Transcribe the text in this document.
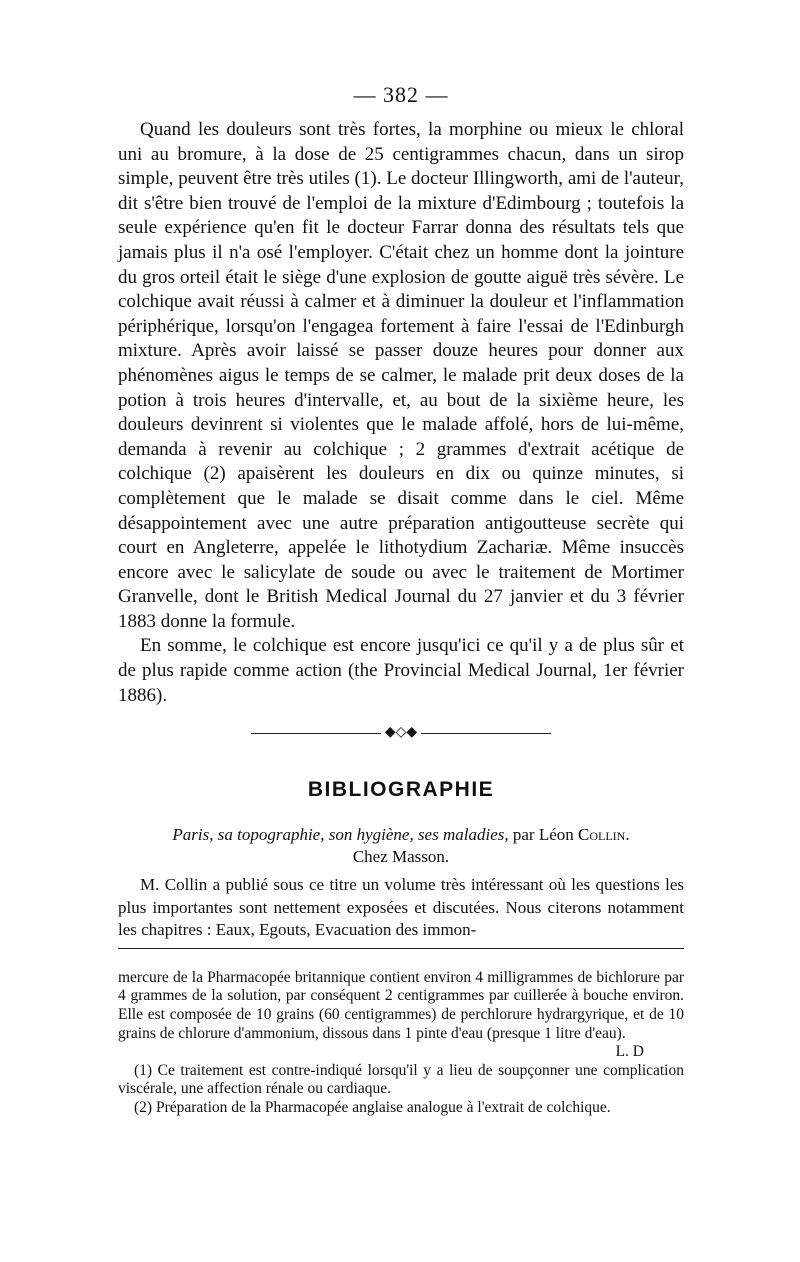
— 382 —

Quand les douleurs sont très fortes, la morphine ou mieux le chloral uni au bromure, à la dose de 25 centigrammes chacun, dans un sirop simple, peuvent être très utiles (1). Le docteur Illingworth, ami de l'auteur, dit s'être bien trouvé de l'emploi de la mixture d'Edimbourg ; toutefois la seule expérience qu'en fit le docteur Farrar donna des résultats tels que jamais plus il n'a osé l'employer. C'était chez un homme dont la jointure du gros orteil était le siège d'une explosion de goutte aiguë très sévère. Le colchique avait réussi à calmer et à diminuer la douleur et l'inflammation périphérique, lorsqu'on l'engagea fortement à faire l'essai de l'Edinburgh mixture. Après avoir laissé se passer douze heures pour donner aux phénomènes aigus le temps de se calmer, le malade prit deux doses de la potion à trois heures d'intervalle, et, au bout de la sixième heure, les douleurs devinrent si violentes que le malade affolé, hors de lui-même, demanda à revenir au colchique ; 2 grammes d'extrait acétique de colchique (2) apaisèrent les douleurs en dix ou quinze minutes, si complètement que le malade se disait comme dans le ciel. Même désappointement avec une autre préparation antigoutteuse secrète qui court en Angleterre, appelée le lithotydium Zachariæ. Même insuccès encore avec le salicylate de soude ou avec le traitement de Mortimer Granvelle, dont le British Medical Journal du 27 janvier et du 3 février 1883 donne la formule.

En somme, le colchique est encore jusqu'ici ce qu'il y a de plus sûr et de plus rapide comme action (the Provincial Medical Journal, 1er février 1886).

◆◇◆
BIBLIOGRAPHIE
Paris, sa topographie, son hygiène, ses maladies, par Léon Collin.
Chez Masson.

M. Collin a publié sous ce titre un volume très intéressant où les questions les plus importantes sont nettement exposées et discutées. Nous citerons notamment les chapitres : Eaux, Egouts, Evacuation des immon-

mercure de la Pharmacopée britannique contient environ 4 milligrammes de bichlorure par 4 grammes de la solution, par conséquent 2 centigrammes par cuillerée à bouche environ. Elle est composée de 10 grains (60 centigrammes) de perchlorure hydrargyrique, et de 10 grains de chlorure d'ammonium, dissous dans 1 pinte d'eau (presque 1 litre d'eau).

L. D

(1) Ce traitement est contre-indiqué lorsqu'il y a lieu de soupçonner une complication viscérale, une affection rénale ou cardiaque.

(2) Préparation de la Pharmacopée anglaise analogue à l'extrait de colchique.
